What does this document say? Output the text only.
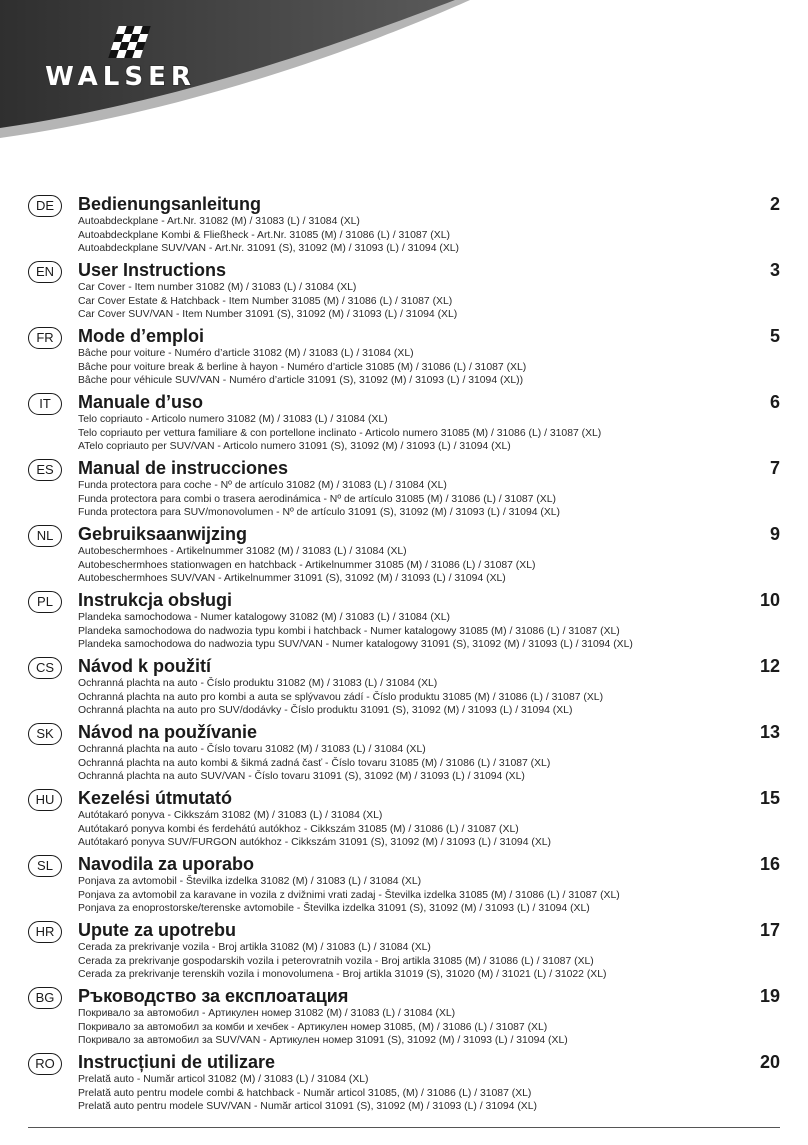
WALSER
DE	Bedienungsanleitung	2
Autoabdeckplane - Art.Nr. 31082 (M) / 31083 (L) / 31084 (XL)
Autoabdeckplane Kombi & Fließheck - Art.Nr. 31085 (M) / 31086 (L) / 31087 (XL)
Autoabdeckplane SUV/VAN - Art.Nr. 31091 (S), 31092 (M) / 31093 (L) / 31094 (XL)
EN	User Instructions	3
Car Cover - Item number 31082 (M) / 31083 (L) / 31084 (XL)
Car Cover Estate & Hatchback - Item Number 31085 (M) / 31086 (L) / 31087 (XL)
Car Cover SUV/VAN - Item Number 31091 (S), 31092 (M) / 31093 (L) / 31094 (XL)
FR	Mode d’emploi	5
Bâche pour voiture - Numéro d’article 31082 (M) / 31083 (L) / 31084 (XL)
Bâche pour voiture break & berline à hayon - Numéro d’article 31085 (M) / 31086 (L) / 31087 (XL)
Bâche pour véhicule SUV/VAN - Numéro d’article 31091 (S), 31092 (M) / 31093 (L) / 31094 (XL))
IT	Manuale d’uso	6
Telo copriauto - Articolo numero 31082 (M) / 31083 (L) / 31084 (XL)
Telo copriauto per vettura familiare & con portellone inclinato - Articolo numero 31085 (M) / 31086 (L) / 31087 (XL)
ATelo copriauto per SUV/VAN - Articolo numero 31091 (S), 31092 (M) / 31093 (L) / 31094 (XL)
ES	Manual de instrucciones	7
Funda protectora para coche - Nº de artículo 31082 (M) / 31083 (L) / 31084 (XL)
Funda protectora para combi o trasera aerodinámica - Nº de artículo 31085 (M) / 31086 (L) / 31087 (XL)
Funda protectora para SUV/monovolumen - Nº de artículo 31091 (S), 31092 (M) / 31093 (L) / 31094 (XL)
NL	Gebruiksaanwijzing	9
Autobeschermhoes - Artikelnummer 31082 (M) / 31083 (L) / 31084 (XL)
Autobeschermhoes stationwagen en hatchback - Artikelnummer 31085 (M) / 31086 (L) / 31087 (XL)
Autobeschermhoes SUV/VAN - Artikelnummer 31091 (S), 31092 (M) / 31093 (L) / 31094 (XL)
PL	Instrukcja obsługi	10
Plandeka samochodowa - Numer katalogowy 31082 (M) / 31083 (L) / 31084 (XL)
Plandeka samochodowa do nadwozia typu kombi i hatchback - Numer katalogowy 31085 (M) / 31086 (L) / 31087 (XL)
Plandeka samochodowa do nadwozia typu SUV/VAN - Numer katalogowy 31091 (S), 31092 (M) / 31093 (L) / 31094 (XL)
CS	Návod k použití	12
Ochranná plachta na auto - Číslo produktu 31082 (M) / 31083 (L) / 31084 (XL)
Ochranná plachta na auto pro kombi a auta se splývavou zádí - Číslo produktu 31085 (M) / 31086 (L) / 31087 (XL)
Ochranná plachta na auto pro SUV/dodávky - Číslo produktu 31091 (S), 31092 (M) / 31093 (L) / 31094 (XL)
SK	Návod na používanie	13
Ochranná plachta na auto - Číslo tovaru 31082 (M) / 31083 (L) / 31084 (XL)
Ochranná plachta na auto kombi & šikmá zadná časť - Číslo tovaru 31085 (M) / 31086 (L) / 31087 (XL)
Ochranná plachta na auto SUV/VAN - Číslo tovaru 31091 (S), 31092 (M) / 31093 (L) / 31094 (XL)
HU	Kezelési útmutató	15
Autótakaró ponyva - Cikkszám 31082 (M) / 31083 (L) / 31084 (XL)
Autótakaró ponyva kombi és ferdehátú autókhoz - Cikkszám 31085 (M) / 31086 (L) / 31087 (XL)
Autótakaró ponyva SUV/FURGON autókhoz - Cikkszám 31091 (S), 31092 (M) / 31093 (L) / 31094 (XL)
SL	Navodila za uporabo	16
Ponjava za avtomobil - Številka izdelka 31082 (M) / 31083 (L) / 31084 (XL)
Ponjava za avtomobil za karavane in vozila z dvižnimi vrati zadaj - Številka izdelka 31085 (M) / 31086 (L) / 31087 (XL)
Ponjava za enoprostorske/terenske avtomobile - Številka izdelka 31091 (S), 31092 (M) / 31093 (L) / 31094 (XL)
HR	Upute za upotrebu	17
Cerada za prekrivanje vozila - Broj artikla 31082 (M) / 31083 (L) / 31084 (XL)
Cerada za prekrivanje gospodarskih vozila i peterovratnih vozila - Broj artikla 31085 (M) / 31086 (L) / 31087 (XL)
Cerada za prekrivanje terenskih vozila i monovolumena - Broj artikla 31019 (S), 31020 (M) / 31021 (L) / 31022 (XL)
BG	Ръководство за експлоатация	19
Покривало за автомобил - Артикулен номер 31082 (M) / 31083 (L) / 31084 (XL)
Покривало за автомобил за комби и хечбек - Артикулен номер 31085, (M) / 31086 (L) / 31087 (XL)
Покривало за автомобил за SUV/VAN - Артикулен номер 31091 (S), 31092 (M) / 31093 (L) / 31094 (XL)
RO	Instrucțiuni de utilizare	20
Prelată auto - Număr articol 31082 (M) / 31083 (L) / 31084 (XL)
Prelată auto pentru modele combi & hatchback - Număr articol 31085, (M) / 31086 (L) / 31087 (XL)
Prelată auto pentru modele SUV/VAN - Număr articol 31091 (S), 31092 (M) / 31093 (L) / 31094 (XL)
